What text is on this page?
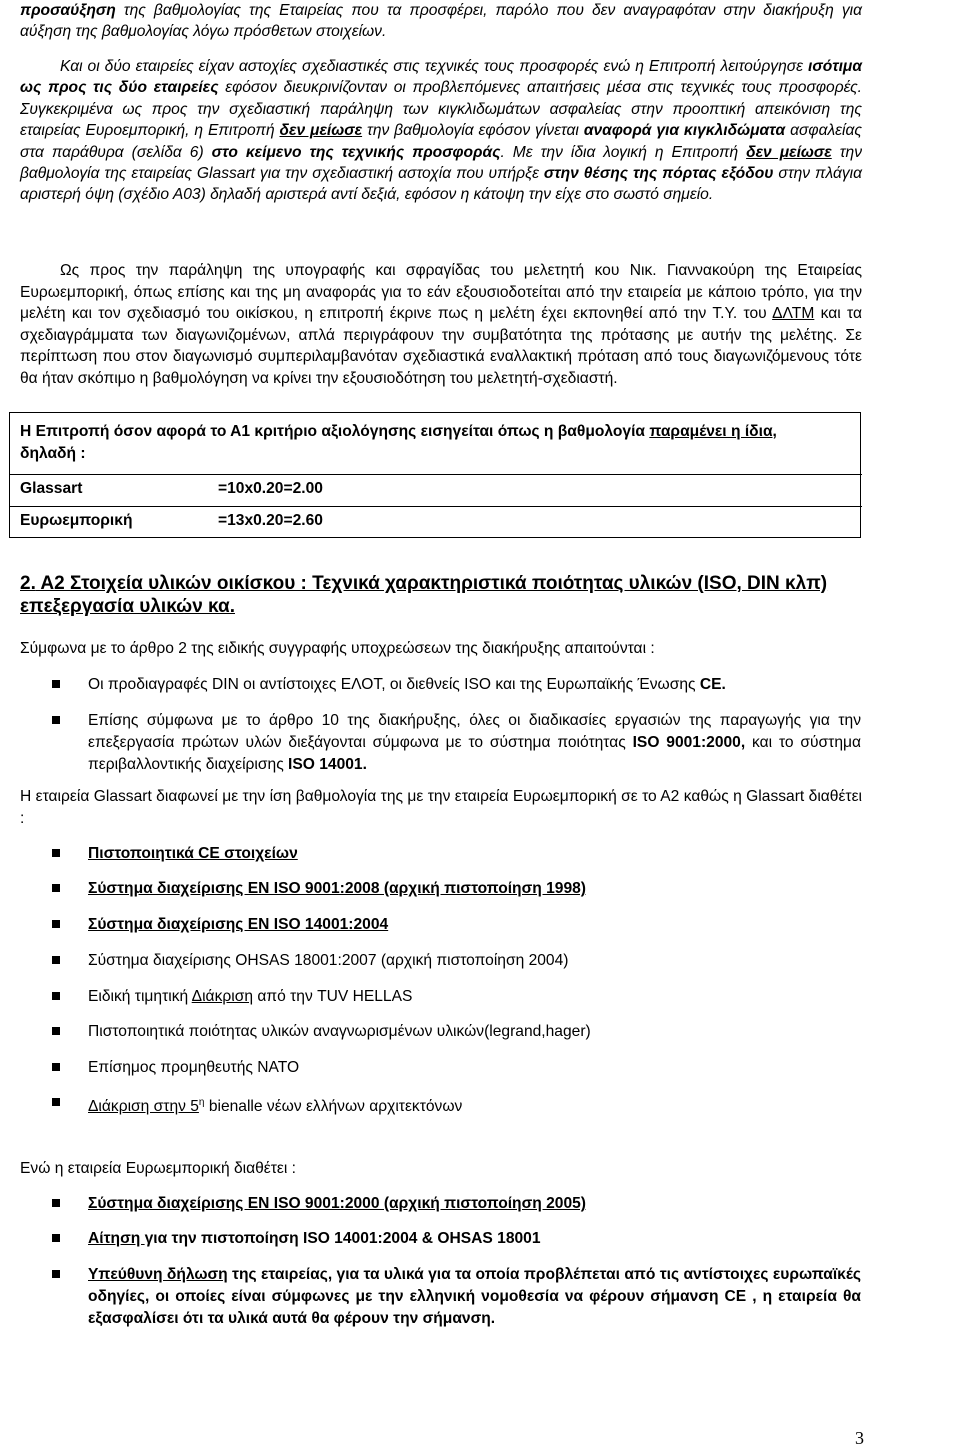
προσαύξηση της βαθμολογίας της Εταιρείας που τα προσφέρει, παρόλο που δεν αναγραφόταν στην διακήρυξη για αύξηση της βαθμολογίας λόγω πρόσθετων στοιχείων.

Και οι δύο εταιρείες είχαν αστοχίες σχεδιαστικές στις τεχνικές τους προσφορές ενώ η Επιτροπή λειτούργησε ισότιμα ως προς τις δύο εταιρείες εφόσον διευκρινίζονταν οι προβλεπόμενες απαιτήσεις μέσα στις τεχνικές τους προσφορές. Συγκεκριμένα ως προς την σχεδιαστική παράληψη των κιγκλιδωμάτων ασφαλείας στην προοπτική απεικόνιση της εταιρείας Ευροεμπορική, η Επιτροπή δεν μείωσε την βαθμολογία εφόσον γίνεται αναφορά για κιγκλιδώματα ασφαλείας στα παράθυρα (σελίδα 6) στο κείμενο της τεχνικής προσφοράς. Με την ίδια λογική η Επιτροπή δεν μείωσε την βαθμολογία της εταιρείας Glassart για την σχεδιαστική αστοχία που υπήρξε στην θέσης της πόρτας εξόδου στην πλάγια αριστερή όψη (σχέδιο Α03) δηλαδή αριστερά αντί δεξιά, εφόσον η κάτοψη την είχε στο σωστό σημείο.

Ως προς την παράληψη της υπογραφής και σφραγίδας του μελετητή κου Νικ. Γιαννακούρη της Εταιρείας Ευρωεμπορική, όπως επίσης και της μη αναφοράς για το εάν εξουσιοδοτείται από την εταιρεία με κάποιο τρόπο, για την μελέτη και τον σχεδιασμό του οικίσκου, η επιτροπή έκρινε πως η μελέτη έχει εκπονηθεί από την Τ.Υ. του ΔΛΤΜ και τα σχεδιαγράμματα των διαγωνιζομένων, απλά περιγράφουν την συμβατότητα της πρότασης με αυτήν της μελέτης. Σε περίπτωση που στον διαγωνισμό συμπεριλαμβανόταν σχεδιαστικά εναλλακτική πρόταση από τους διαγωνιζόμενους τότε θα ήταν σκόπιμο η βαθμολόγηση να κρίνει την εξουσιοδότηση του μελετητή-σχεδιαστή.

Η Επιτροπή όσον αφορά το Α1 κριτήριο αξιολόγησης εισηγείται όπως η βαθμολογία παραμένει η ίδια,
δηλαδή :
Glassart	=10x0.20=2.00
Ευρωεμπορική	=13x0.20=2.60
2. Α2 Στοιχεία υλικών οικίσκου : Τεχνικά χαρακτηριστικά ποιότητας υλικών (ISO, DIN κλπ) επεξεργασία υλικών κα.
Σύμφωνα με το άρθρο 2 της ειδικής συγγραφής υποχρεώσεων της διακήρυξης απαιτούνται :
Οι προδιαγραφές DIN οι αντίστοιχες ΕΛΟΤ, οι διεθνείς ISO και της Ευρωπαϊκής Ένωσης CE.
Επίσης σύμφωνα με το άρθρο 10 της διακήρυξης, όλες οι διαδικασίες εργασιών της παραγωγής για την επεξεργασία πρώτων υλών διεξάγονται σύμφωνα με το σύστημα ποιότητας ISO 9001:2000, και το σύστημα περιβαλλοντικής διαχείρισης ISO 14001.
Η εταιρεία Glassart διαφωνεί με την ίση βαθμολογία της με την εταιρεία Ευρωεμπορική σε το Α2 καθώς η Glassart διαθέτει :
Πιστοποιητικά CE στοιχείων
Σύστημα διαχείρισης EN ISO 9001:2008 (αρχική πιστοποίηση 1998)
Σύστημα διαχείρισης EN ISO 14001:2004
Σύστημα διαχείρισης OHSAS 18001:2007 (αρχική πιστοποίηση 2004)
Ειδική τιμητική Διάκριση από την TUV HELLAS
Πιστοποιητικά ποιότητας υλικών αναγνωρισμένων υλικών(legrand,hager)
Επίσημος προμηθευτής ΝΑΤΟ
Διάκριση στην $5^\eta$ bienalle νέων ελλήνων αρχιτεκτόνων
Ενώ η εταιρεία Ευρωεμπορική διαθέτει :
Σύστημα διαχείρισης EN ISO 9001:2000 (αρχική πιστοποίηση 2005)
Αίτηση για την πιστοποίηση ISO 14001:2004 & OHSAS 18001
Υπεύθυνη δήλωση της εταιρείας, για τα υλικά για τα οποία προβλέπεται από τις αντίστοιχες ευρωπαϊκές οδηγίες, οι οποίες είναι σύμφωνες με την ελληνική νομοθεσία να φέρουν σήμανση CE , η εταιρεία θα εξασφαλίσει ότι τα υλικά αυτά θα φέρουν την σήμανση.
3
